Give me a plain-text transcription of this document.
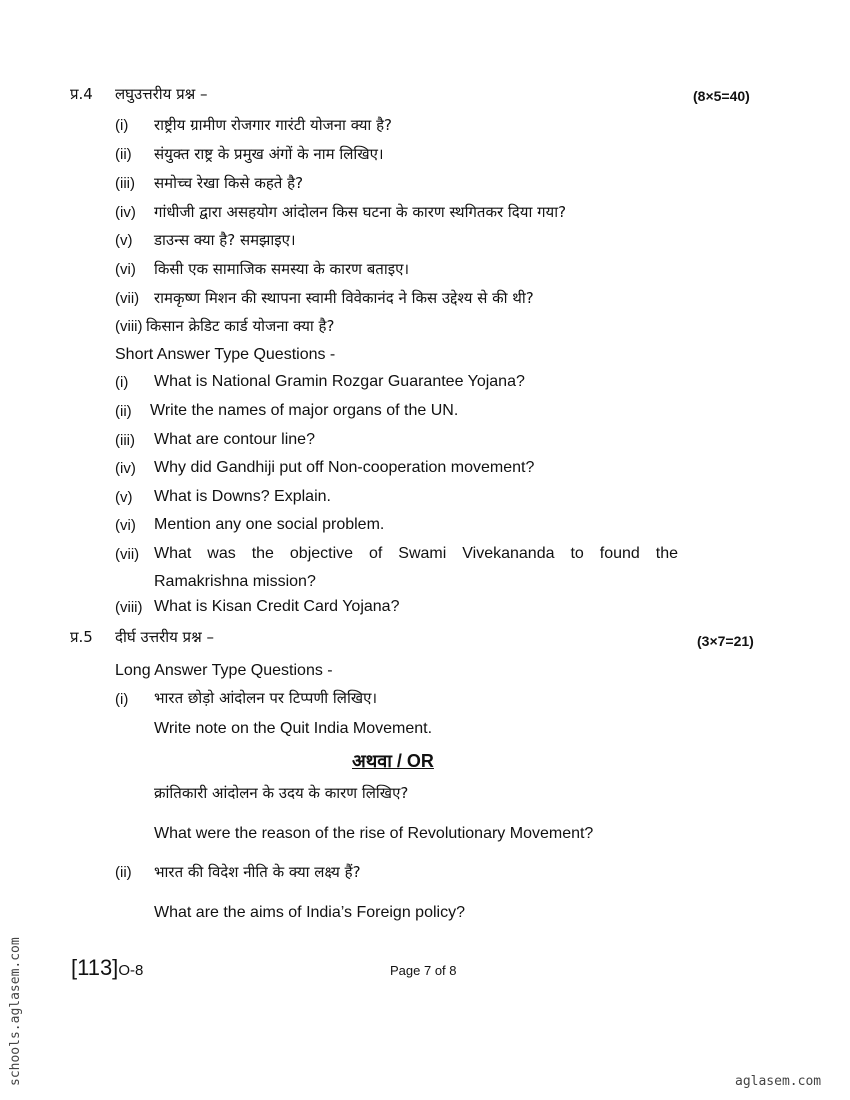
प्र.4 लघुउत्तरीय प्रश्न –	(8×5=40)
(i) राष्ट्रीय ग्रामीण रोजगार गारंटी योजना क्या है?
(ii) संयुक्त राष्ट्र के प्रमुख अंगों के नाम लिखिए।
(iii) समोच्च रेखा किसे कहते है?
(iv) गांधीजी द्वारा असहयोग आंदोलन किस घटना के कारण स्थगितकर दिया गया?
(v) डाउन्स क्या है? समझाइए।
(vi) किसी एक सामाजिक समस्या के कारण बताइए।
(vii) रामकृष्ण मिशन की स्थापना स्वामी विवेकानंद ने किस उद्देश्य से की थी?
(viii) किसान क्रेडिट कार्ड योजना क्या है?
Short Answer Type Questions -
(i) What is National Gramin Rozgar Guarantee Yojana?
(ii) Write the names of major organs of the UN.
(iii) What are contour line?
(iv) Why did Gandhiji put off Non-cooperation movement?
(v) What is Downs? Explain.
(vi) Mention any one social problem.
(vii) What was the objective of Swami Vivekananda to found the
Ramakrishna mission?
(viii) What is Kisan Credit Card Yojana?
प्र.5 दीर्घ उत्तरीय प्रश्न –	(3×7=21)
Long Answer Type Questions -
(i) भारत छोड़ो आंदोलन पर टिप्पणी लिखिए।
Write note on the Quit India Movement.
अथवा / OR
क्रांतिकारी आंदोलन के उदय के कारण लिखिए?
What were the reason of the rise of Revolutionary Movement?
(ii) भारत की विदेश नीति के क्या लक्ष्य हैं?
What are the aims of India’s Foreign policy?
[113]O-8	Page 7 of 8
schools.aglasem.com	aglasem.com
